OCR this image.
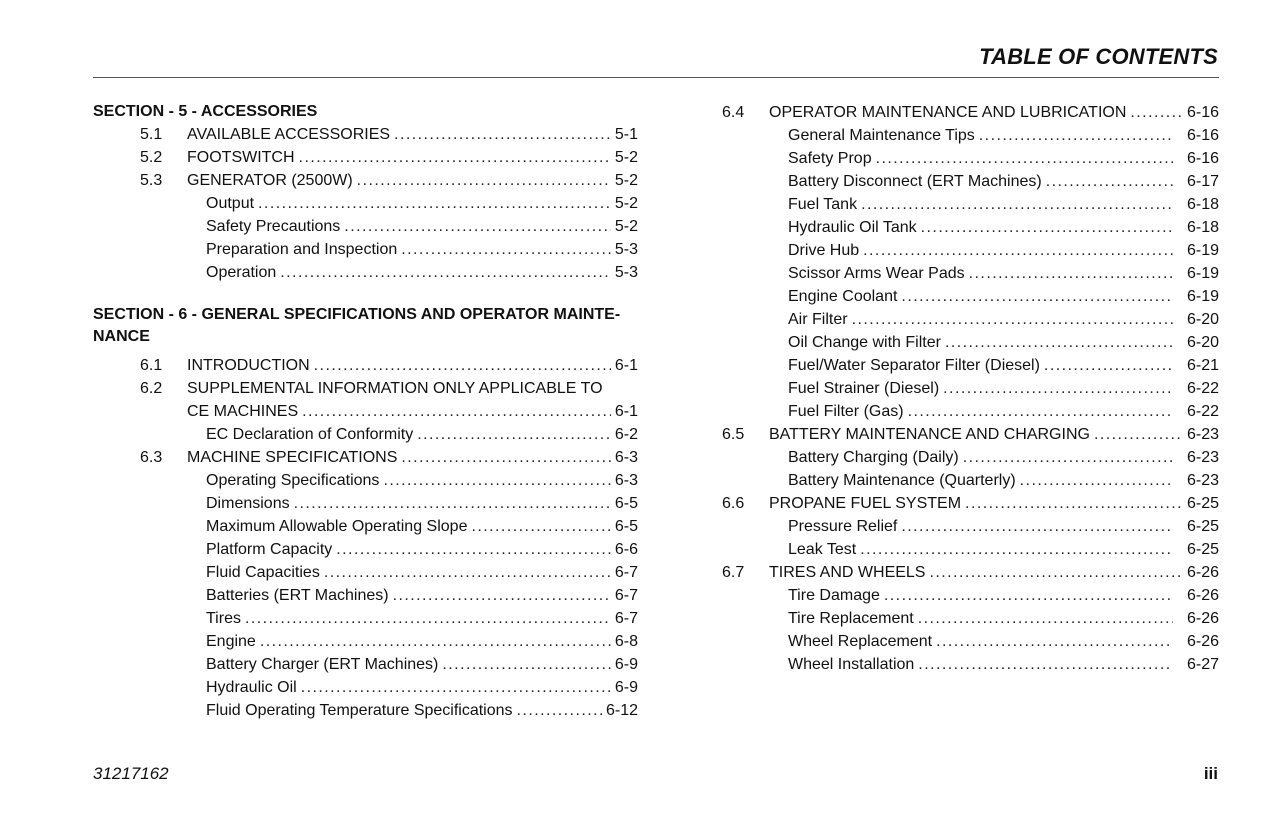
TABLE OF CONTENTS
SECTION - 5 - ACCESSORIES
5.1 AVAILABLE ACCESSORIES . . .	5-1
5.2 FOOTSWITCH . . .	5-2
5.3 GENERATOR (2500W) . . .	5-2
Output . . .	5-2
Safety Precautions . . .	5-2
Preparation and Inspection . . .	5-3
Operation . . .	5-3
SECTION - 6 - GENERAL SPECIFICATIONS AND OPERATOR MAINTE-
NANCE
6.1 INTRODUCTION . . .	6-1
6.2 SUPPLEMENTAL INFORMATION ONLY APPLICABLE TO
CE MACHINES . . .	6-1
EC Declaration of Conformity . . .	6-2
6.3 MACHINE SPECIFICATIONS . . .	6-3
Operating Specifications . . .	6-3
Dimensions . . .	6-5
Maximum Allowable Operating Slope . . .	6-5
Platform Capacity . . .	6-6
Fluid Capacities . . .	6-7
Batteries (ERT Machines) . . .	6-7
Tires . . .	6-7
Engine . . .	6-8
Battery Charger (ERT Machines) . . .	6-9
Hydraulic Oil . . .	6-9
Fluid Operating Temperature Specifications . . .	6-12
6.4 OPERATOR MAINTENANCE AND LUBRICATION . . .	6-16
General Maintenance Tips . . .	6-16
Safety Prop . . .	6-16
Battery Disconnect (ERT Machines) . . .	6-17
Fuel Tank . . .	6-18
Hydraulic Oil Tank . . .	6-18
Drive Hub . . .	6-19
Scissor Arms Wear Pads . . .	6-19
Engine Coolant . . .	6-19
Air Filter . . .	6-20
Oil Change with Filter . . .	6-20
Fuel/Water Separator Filter (Diesel) . . .	6-21
Fuel Strainer (Diesel) . . .	6-22
Fuel Filter (Gas) . . .	6-22
6.5 BATTERY MAINTENANCE AND CHARGING . . .	6-23
Battery Charging (Daily) . . .	6-23
Battery Maintenance (Quarterly) . . .	6-23
6.6 PROPANE FUEL SYSTEM . . .	6-25
Pressure Relief . . .	6-25
Leak Test . . .	6-25
6.7 TIRES AND WHEELS . . .	6-26
Tire Damage . . .	6-26
Tire Replacement . . .	6-26
Wheel Replacement . . .	6-26
Wheel Installation . . .	6-27
31217162	iii
